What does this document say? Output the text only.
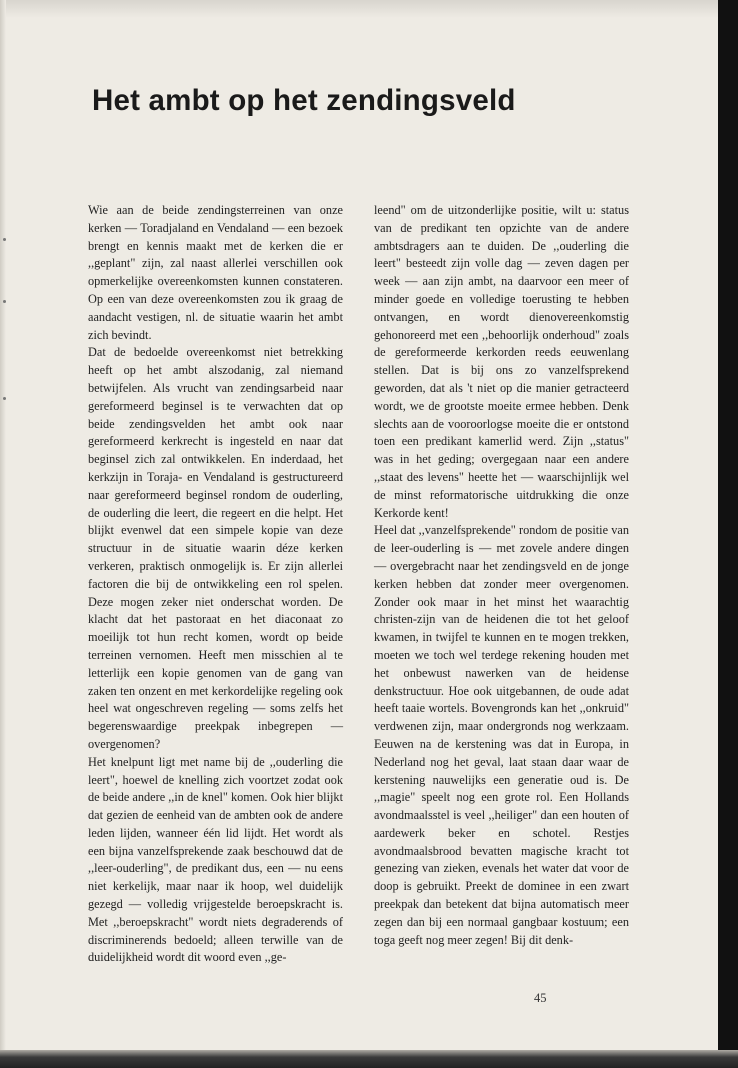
Het ambt op het zendingsveld

Wie aan de beide zendingsterreinen van onze kerken — Toradjaland en Vendaland — een bezoek brengt en kennis maakt met de kerken die er ,,geplant" zijn, zal naast allerlei verschillen ook opmerkelijke overeenkomsten kunnen constateren. Op een van deze overeenkomsten zou ik graag de aandacht vestigen, nl. de situatie waarin het ambt zich bevindt.

Dat de bedoelde overeenkomst niet betrekking heeft op het ambt alszodanig, zal niemand betwijfelen. Als vrucht van zendingsarbeid naar gereformeerd beginsel is te verwachten dat op beide zendingsvelden het ambt ook naar gereformeerd kerkrecht is ingesteld en naar dat beginsel zich zal ontwikkelen. En inderdaad, het kerkzijn in Toraja- en Vendaland is gestructureerd naar gereformeerd beginsel rondom de ouderling, de ouderling die leert, die regeert en die helpt. Het blijkt evenwel dat een simpele kopie van deze structuur in de situatie waarin déze kerken verkeren, praktisch onmogelijk is. Er zijn allerlei factoren die bij de ontwikkeling een rol spelen. Deze mogen zeker niet onderschat worden. De klacht dat het pastoraat en het diaconaat zo moeilijk tot hun recht komen, wordt op beide terreinen vernomen. Heeft men misschien al te letterlijk een kopie genomen van de gang van zaken ten onzent en met kerkordelijke regeling ook heel wat ongeschreven regeling — soms zelfs het begerenswaardige preekpak inbegrepen — overgenomen?

Het knelpunt ligt met name bij de ,,ouderling die leert", hoewel de knelling zich voortzet zodat ook de beide andere ,,in de knel" komen. Ook hier blijkt dat gezien de eenheid van de ambten ook de andere leden lijden, wanneer één lid lijdt. Het wordt als een bijna vanzelfsprekende zaak beschouwd dat de ,,leer-ouderling", de predikant dus, een — nu eens niet kerkelijk, maar naar ik hoop, wel duidelijk gezegd — volledig vrijgestelde beroepskracht is. Met ,,beroepskracht" wordt niets degraderends of discriminerends bedoeld; alleen terwille van de duidelijkheid wordt dit woord even ,,ge-

leend" om de uitzonderlijke positie, wilt u: status van de predikant ten opzichte van de andere ambtsdragers aan te duiden. De ,,ouderling die leert" besteedt zijn volle dag — zeven dagen per week — aan zijn ambt, na daarvoor een meer of minder goede en volledige toerusting te hebben ontvangen, en wordt dienovereenkomstig gehonoreerd met een ,,behoorlijk onderhoud" zoals de gereformeerde kerkorden reeds eeuwenlang stellen. Dat is bij ons zo vanzelfsprekend geworden, dat als 't niet op die manier getracteerd wordt, we de grootste moeite ermee hebben. Denk slechts aan de vooroorlogse moeite die er ontstond toen een predikant kamerlid werd. Zijn ,,status" was in het geding; overgegaan naar een andere ,,staat des levens" heette het — waarschijnlijk wel de minst reformatorische uitdrukking die onze Kerkorde kent!

Heel dat ,,vanzelfsprekende" rondom de positie van de leer-ouderling is — met zovele andere dingen — overgebracht naar het zendingsveld en de jonge kerken hebben dat zonder meer overgenomen. Zonder ook maar in het minst het waarachtig christen-zijn van de heidenen die tot het geloof kwamen, in twijfel te kunnen en te mogen trekken, moeten we toch wel terdege rekening houden met het onbewust nawerken van de heidense denkstructuur. Hoe ook uitgebannen, de oude adat heeft taaie wortels. Bovengronds kan het ,,onkruid" verdwenen zijn, maar ondergronds nog werkzaam. Eeuwen na de kerstening was dat in Europa, in Nederland nog het geval, laat staan daar waar de kerstening nauwelijks een generatie oud is. De ,,magie" speelt nog een grote rol. Een Hollands avondmaalsstel is veel ,,heiliger" dan een houten of aardewerk beker en schotel. Restjes avondmaalsbrood bevatten magische kracht tot genezing van zieken, evenals het water dat voor de doop is gebruikt. Preekt de dominee in een zwart preekpak dan betekent dat bijna automatisch meer zegen dan bij een normaal gangbaar kostuum; een toga geeft nog meer zegen! Bij dit denk-

45
